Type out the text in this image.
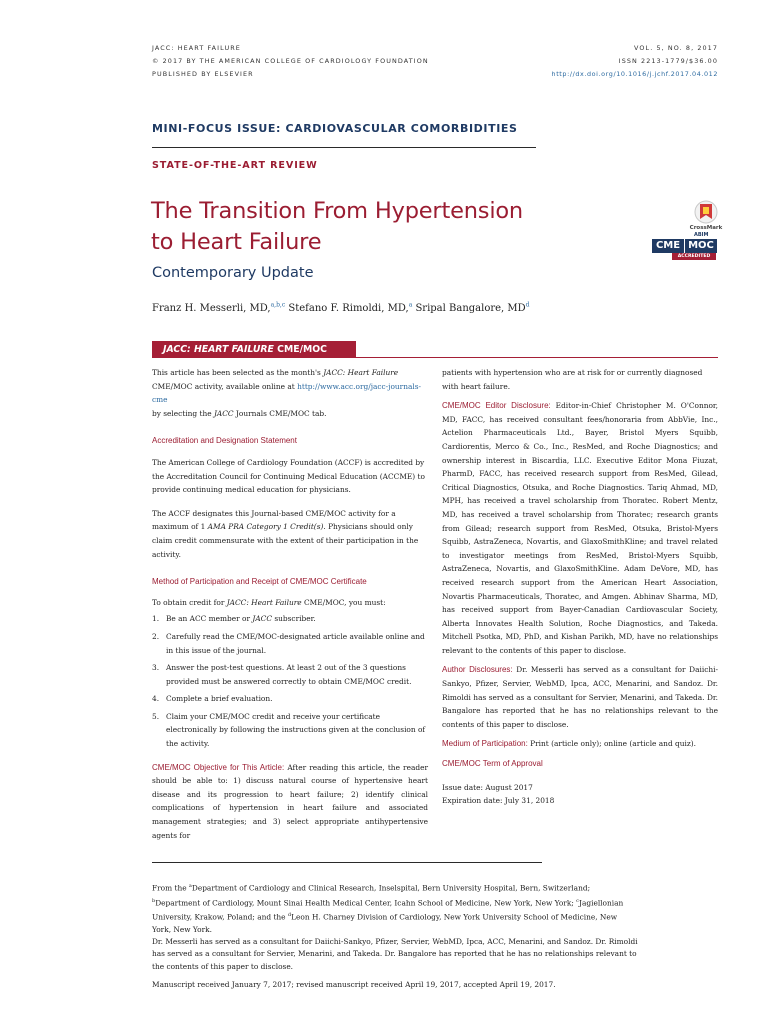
JACC: HEART FAILURE
© 2017 BY THE AMERICAN COLLEGE OF CARDIOLOGY FOUNDATION
PUBLISHED BY ELSEVIER
VOL. 5, NO. 8, 2017
ISSN 2213-1779/$36.00
http://dx.doi.org/10.1016/j.jchf.2017.04.012
MINI-FOCUS ISSUE: CARDIOVASCULAR COMORBIDITIES
STATE-OF-THE-ART REVIEW
The Transition From Hypertension
to Heart Failure
Contemporary Update
CrossMark
ABIM
CME MOC
ACCREDITED
Franz H. Messerli, MD,$^{a,b,c}$ Stefano F. Rimoldi, MD,$^a$ Sripal Bangalore, $MD^d$
JACC: HEART FAILURE CME/MOC
This article has been selected as the month's JACC: Heart Failure
CME/MOC activity, available online at http://www.acc.org/jacc-journals-cme
by selecting the JACC Journals CME/MOC tab.
Accreditation and Designation Statement
The American College of Cardiology Foundation (ACCF) is accredited by the Accreditation Council for Continuing Medical Education (ACCME) to provide continuing medical education for physicians.
The ACCF designates this Journal-based CME/MOC activity for a maximum of 1 AMA PRA Category 1 Credit(s). Physicians should only claim credit commensurate with the extent of their participation in the activity.
Method of Participation and Receipt of CME/MOC Certificate
To obtain credit for JACC: Heart Failure CME/MOC, you must:
1. Be an ACC member or JACC subscriber.
2. Carefully read the CME/MOC-designated article available online and in this issue of the journal.
3. Answer the post-test questions. At least 2 out of the 3 questions provided must be answered correctly to obtain CME/MOC credit.
4. Complete a brief evaluation.
5. Claim your CME/MOC credit and receive your certificate electronically by following the instructions given at the conclusion of the activity.
CME/MOC Objective for This Article: After reading this article, the reader should be able to: 1) discuss natural course of hypertensive heart disease and its progression to heart failure; 2) identify clinical complications of hypertension in heart failure and associated management strategies; and 3) select appropriate antihypertensive agents for
patients with hypertension who are at risk for or currently diagnosed with heart failure.
CME/MOC Editor Disclosure: Editor-in-Chief Christopher M. O'Connor, MD, FACC, has received consultant fees/honoraria from AbbVie, Inc., Actelion Pharmaceuticals Ltd., Bayer, Bristol Myers Squibb, Cardiorentis, Merco & Co., Inc., ResMed, and Roche Diagnostics; and ownership interest in Biscardia, LLC. Executive Editor Mona Fiuzat, PharmD, FACC, has received research support from ResMed, Gilead, Critical Diagnostics, Otsuka, and Roche Diagnostics. Tariq Ahmad, MD, MPH, has received a travel scholarship from Thoratec. Robert Mentz, MD, has received a travel scholarship from Thoratec; research grants from Gilead; research support from ResMed, Otsuka, Bristol-Myers Squibb, AstraZeneca, Novartis, and GlaxoSmithKline; and travel related to investigator meetings from ResMed, Bristol-Myers Squibb, AstraZeneca, Novartis, and GlaxoSmithKline. Adam DeVore, MD, has received research support from the American Heart Association, Novartis Pharmaceuticals, Thoratec, and Amgen. Abhinav Sharma, MD, has received support from Bayer-Canadian Cardiovascular Society, Alberta Innovates Health Solution, Roche Diagnostics, and Takeda. Mitchell Psotka, MD, PhD, and Kishan Parikh, MD, have no relationships relevant to the contents of this paper to disclose.
Author Disclosures: Dr. Messerli has served as a consultant for Daiichi-Sankyo, Pfizer, Servier, WebMD, Ipca, ACC, Menarini, and Sandoz. Dr. Rimoldi has served as a consultant for Servier, Menarini, and Takeda. Dr. Bangalore has reported that he has no relationships relevant to the contents of this paper to disclose.
Medium of Participation: Print (article only); online (article and quiz).
CME/MOC Term of Approval
Issue date: August 2017
Expiration date: July 31, 2018
From the $^a$Department of Cardiology and Clinical Research, Inselspital, Bern University Hospital, Bern, Switzerland; $^b$Department of Cardiology, Mount Sinai Health Medical Center, Icahn School of Medicine, New York, New York; $^c$Jagiellonian University, Krakow, Poland; and the $^d$Leon H. Charney Division of Cardiology, New York University School of Medicine, New York, New York.
Dr. Messerli has served as a consultant for Daiichi-Sankyo, Pfizer, Servier, WebMD, Ipca, ACC, Menarini, and Sandoz. Dr. Rimoldi has served as a consultant for Servier, Menarini, and Takeda. Dr. Bangalore has reported that he has no relationships relevant to the contents of this paper to disclose.
Manuscript received January 7, 2017; revised manuscript received April 19, 2017, accepted April 19, 2017.
